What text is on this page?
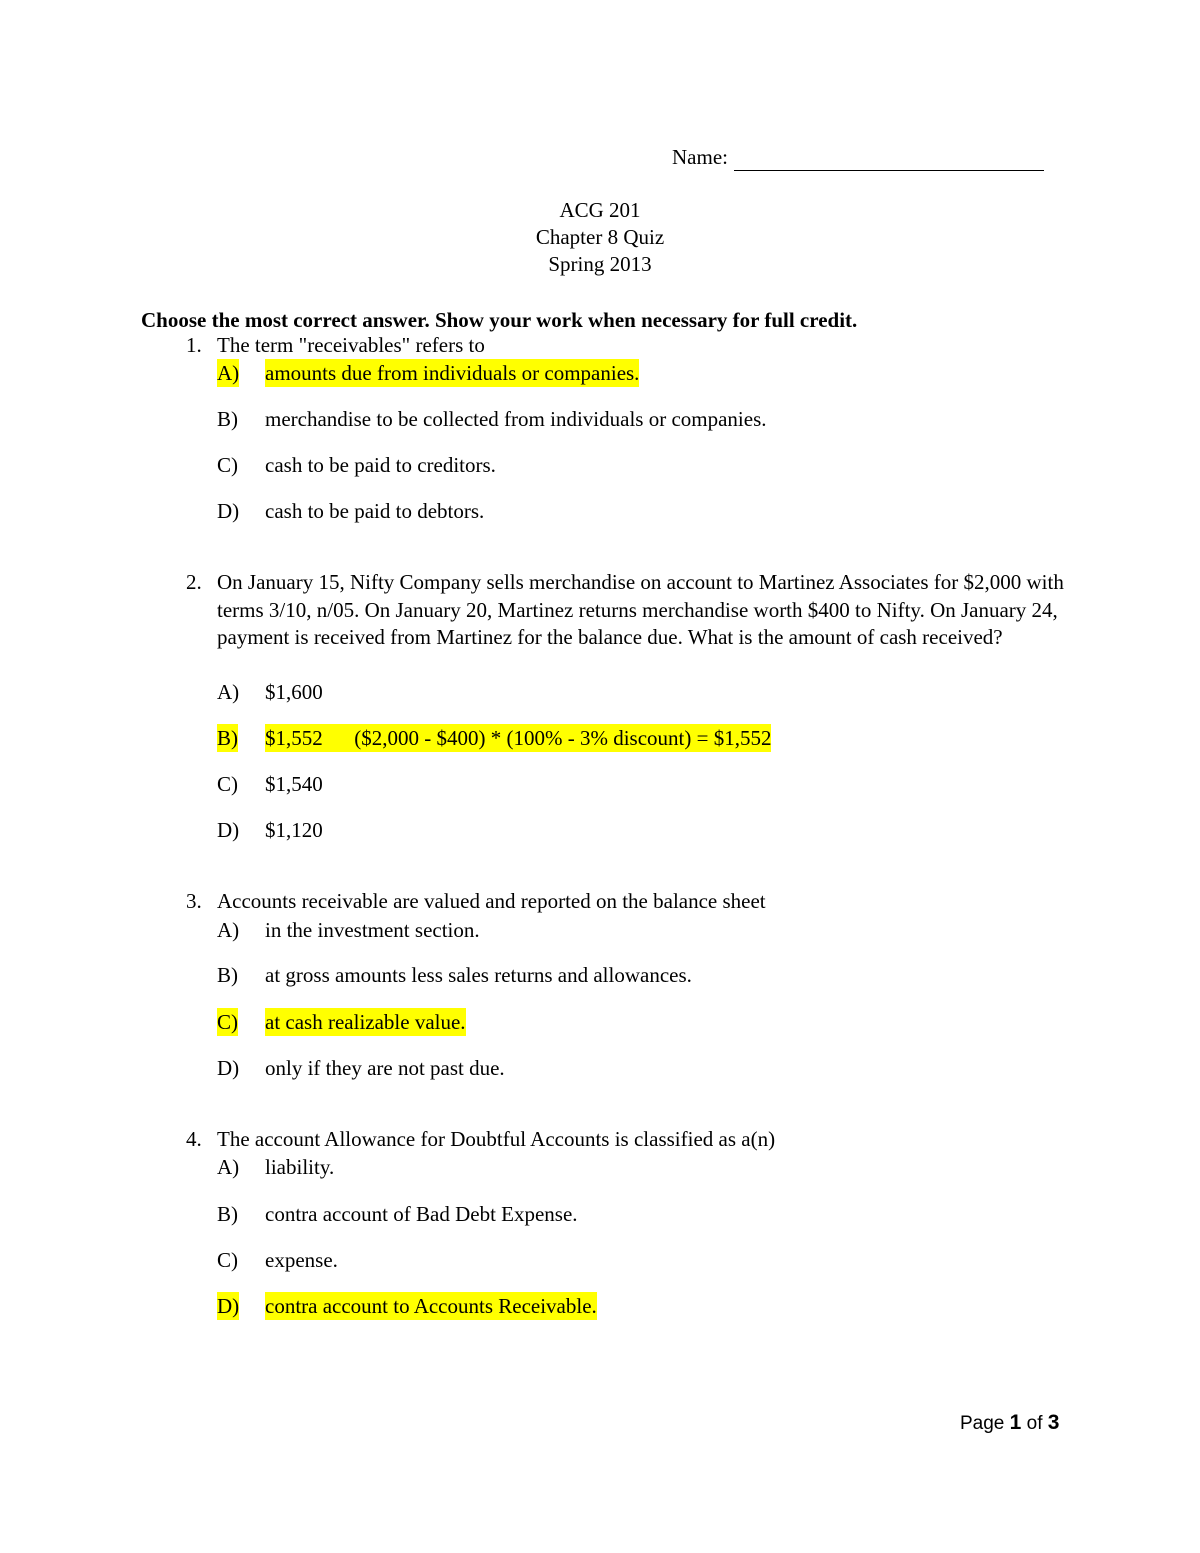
Name:
ACG 201
Chapter 8 Quiz
Spring 2013
Choose the most correct answer. Show your work when necessary for full credit.
1. The term "receivables" refers to
A) amounts due from individuals or companies.
B) merchandise to be collected from individuals or companies.
C) cash to be paid to creditors.
D) cash to be paid to debtors.
2. On January 15, Nifty Company sells merchandise on account to Martinez Associates for $2,000 with terms 3/10, n/05. On January 20, Martinez returns merchandise worth $400 to Nifty. On January 24, payment is received from Martinez for the balance due. What is the amount of cash received?
A) $1,600
B) $1,552      ($2,000 - $400) * (100% - 3% discount) = $1,552
C) $1,540
D) $1,120
3. Accounts receivable are valued and reported on the balance sheet
A) in the investment section.
B) at gross amounts less sales returns and allowances.
C) at cash realizable value.
D) only if they are not past due.
4. The account Allowance for Doubtful Accounts is classified as a(n)
A) liability.
B) contra account of Bad Debt Expense.
C) expense.
D) contra account to Accounts Receivable.
Page 1 of 3
